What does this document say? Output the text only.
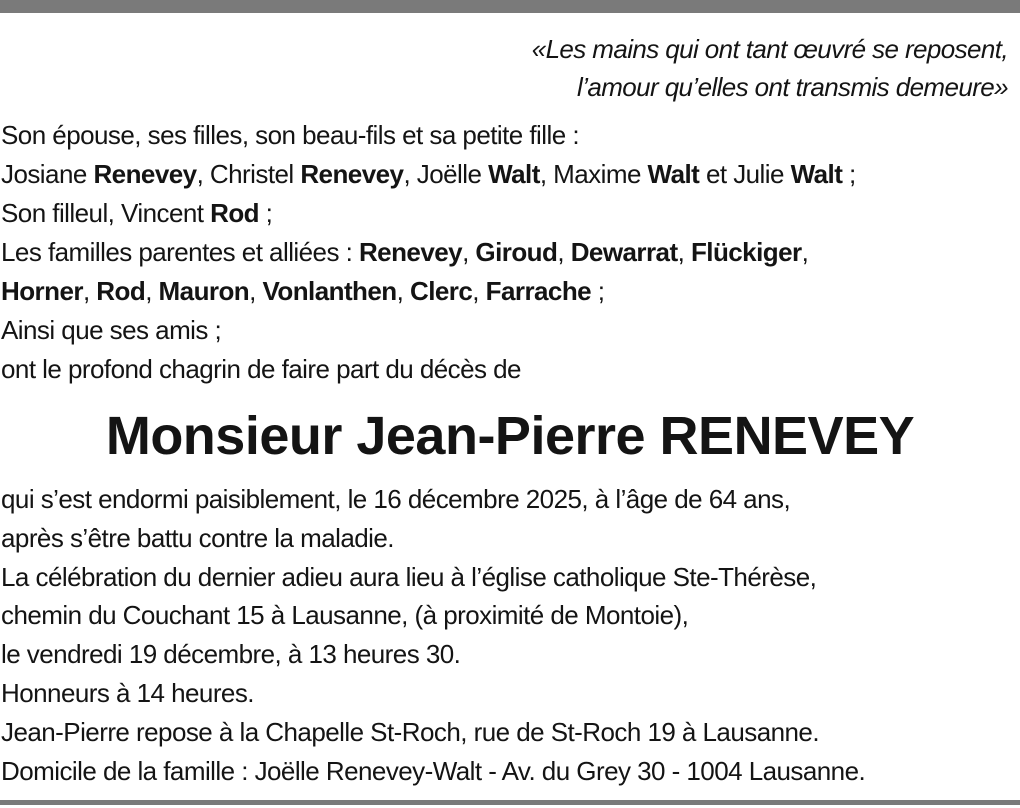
«Les mains qui ont tant œuvré se reposent,
l’amour qu’elles ont transmis demeure»
Son épouse, ses filles, son beau-fils et sa petite fille :
Josiane Renevey, Christel Renevey, Joëlle Walt, Maxime Walt et Julie Walt ;
Son filleul, Vincent Rod ;
Les familles parentes et alliées : Renevey, Giroud, Dewarrat, Flückiger,
Horner, Rod, Mauron, Vonlanthen, Clerc, Farrache ;
Ainsi que ses amis ;
ont le profond chagrin de faire part du décès de
Monsieur Jean-Pierre RENEVEY
qui s’est endormi paisiblement, le 16 décembre 2025, à l’âge de 64 ans,
après s’être battu contre la maladie.
La célébration du dernier adieu aura lieu à l’église catholique Ste-Thérèse,
chemin du Couchant 15 à Lausanne, (à proximité de Montoie),
le vendredi 19 décembre, à 13 heures 30.
Honneurs à 14 heures.
Jean-Pierre repose à la Chapelle St-Roch, rue de St-Roch 19 à Lausanne.
Domicile de la famille : Joëlle Renevey-Walt - Av. du Grey 30 - 1004 Lausanne.
